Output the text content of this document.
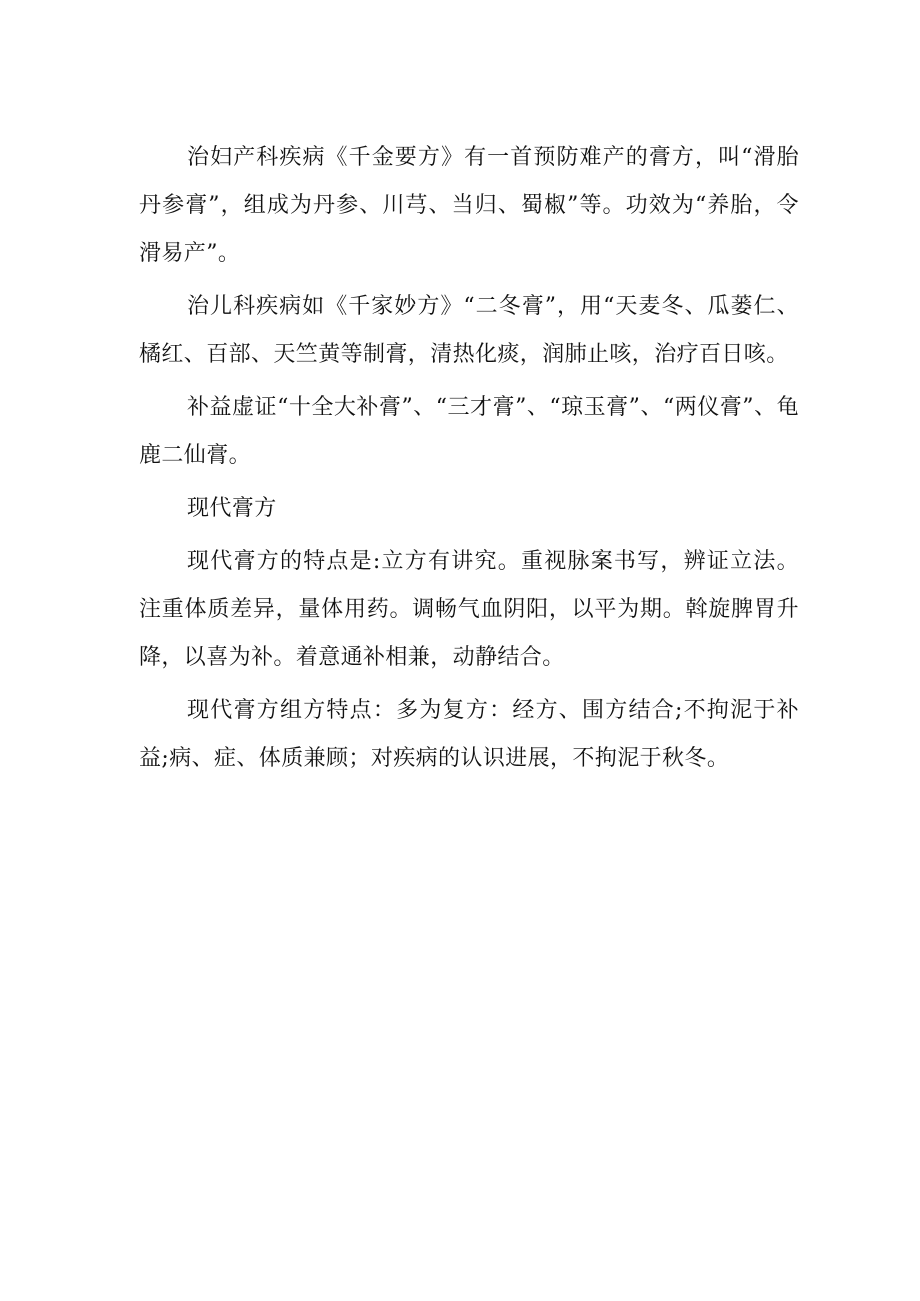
治妇产科疾病《千金要方》有一首预防难产的膏方，叫“滑胎丹参膏”，组成为丹参、川芎、当归、蜀椒”等。功效为“养胎，令滑易产”。

治儿科疾病如《千家妙方》“二冬膏”，用“天麦冬、瓜蒌仁、橘红、百部、天竺黄等制膏，清热化痰，润肺止咳，治疗百日咳。

补益虚证“十全大补膏”、“三才膏”、“琼玉膏”、“两仪膏”、龟鹿二仙膏。

现代膏方

现代膏方的特点是:立方有讲究。重视脉案书写，辨证立法。注重体质差异，量体用药。调畅气血阴阳，以平为期。斡旋脾胃升降，以喜为补。着意通补相兼，动静结合。

现代膏方组方特点：多为复方：经方、围方结合;不拘泥于补益;病、症、体质兼顾；对疾病的认识进展，不拘泥于秋冬。
